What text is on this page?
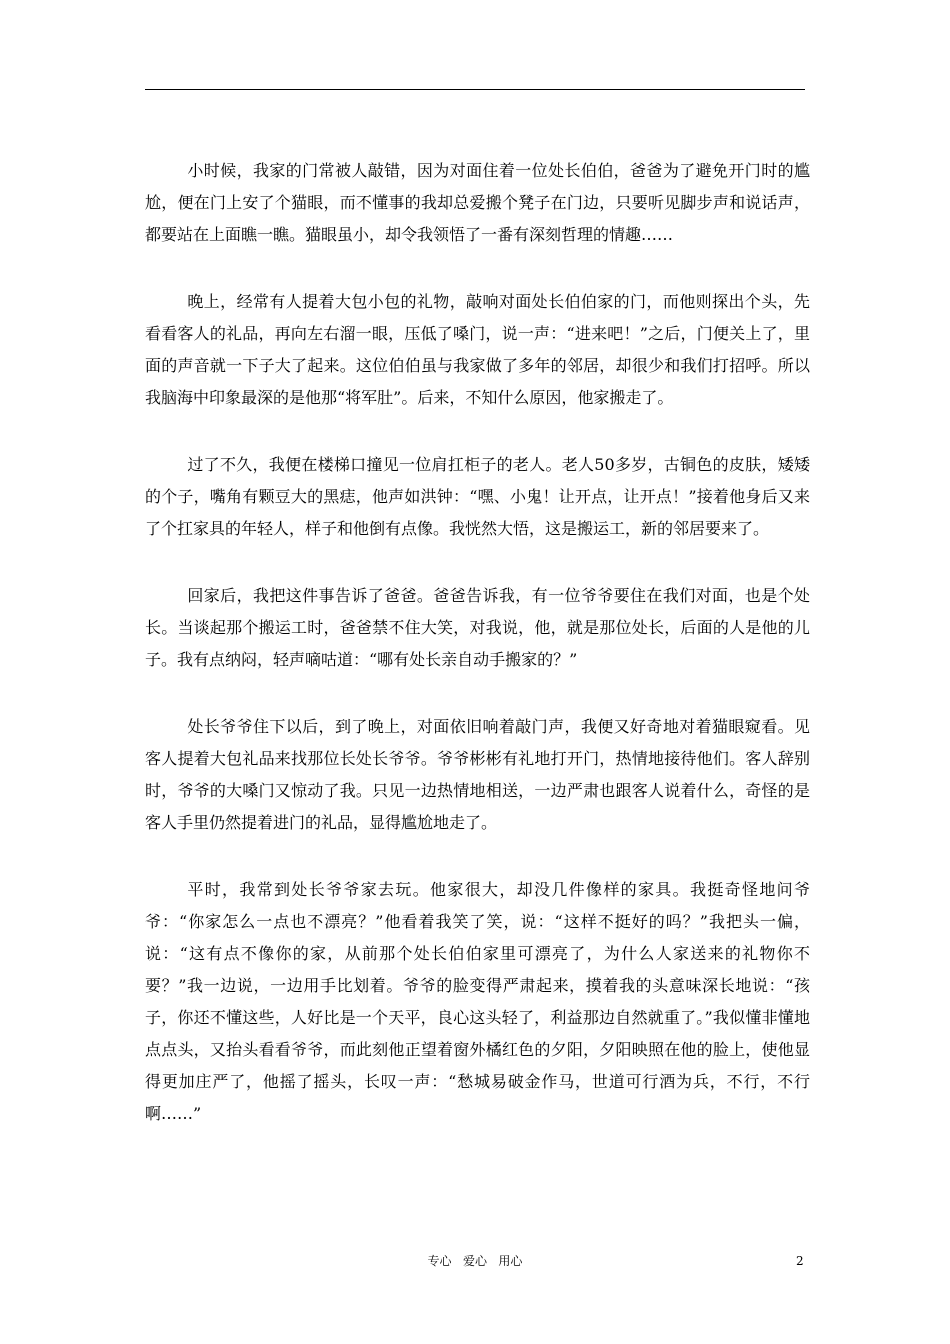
小时候，我家的门常被人敲错，因为对面住着一位处长伯伯，爸爸为了避免开门时的尴尬，便在门上安了个猫眼，而不懂事的我却总爱搬个凳子在门边，只要听见脚步声和说话声，都要站在上面瞧一瞧。猫眼虽小，却令我领悟了一番有深刻哲理的情趣……

晚上，经常有人提着大包小包的礼物，敲响对面处长伯伯家的门，而他则探出个头，先看看客人的礼品，再向左右溜一眼，压低了嗓门，说一声：“进来吧！”之后，门便关上了，里面的声音就一下子大了起来。这位伯伯虽与我家做了多年的邻居，却很少和我们打招呼。所以我脑海中印象最深的是他那“将军肚”。后来，不知什么原因，他家搬走了。

过了不久，我便在楼梯口撞见一位肩扛柜子的老人。老人50多岁，古铜色的皮肤，矮矮的个子，嘴角有颗豆大的黑痣，他声如洪钟：“嘿、小鬼！让开点，让开点！”接着他身后又来了个扛家具的年轻人，样子和他倒有点像。我恍然大悟，这是搬运工，新的邻居要来了。

回家后，我把这件事告诉了爸爸。爸爸告诉我，有一位爷爷要住在我们对面，也是个处长。当谈起那个搬运工时，爸爸禁不住大笑，对我说，他，就是那位处长，后面的人是他的儿子。我有点纳闷，轻声嘀咕道：“哪有处长亲自动手搬家的？”

处长爷爷住下以后，到了晚上，对面依旧响着敲门声，我便又好奇地对着猫眼窥看。见客人提着大包礼品来找那位长处长爷爷。爷爷彬彬有礼地打开门，热情地接待他们。客人辞别时，爷爷的大嗓门又惊动了我。只见一边热情地相送，一边严肃也跟客人说着什么，奇怪的是客人手里仍然提着进门的礼品，显得尴尬地走了。

平时，我常到处长爷爷家去玩。他家很大，却没几件像样的家具。我挺奇怪地问爷爷：“你家怎么一点也不漂亮？”他看着我笑了笑，说：“这样不挺好的吗？”我把头一偏，说：“这有点不像你的家，从前那个处长伯伯家里可漂亮了，为什么人家送来的礼物你不要？”我一边说，一边用手比划着。爷爷的脸变得严肃起来，摸着我的头意味深长地说：“孩子，你还不懂这些，人好比是一个天平，良心这头轻了，利益那边自然就重了。”我似懂非懂地点点头，又抬头看看爷爷，而此刻他正望着窗外橘红色的夕阳，夕阳映照在他的脸上，使他显得更加庄严了，他摇了摇头，长叹一声：“愁城易破金作马，世道可行酒为兵，不行，不行啊……”

专心   爱心   用心	2
